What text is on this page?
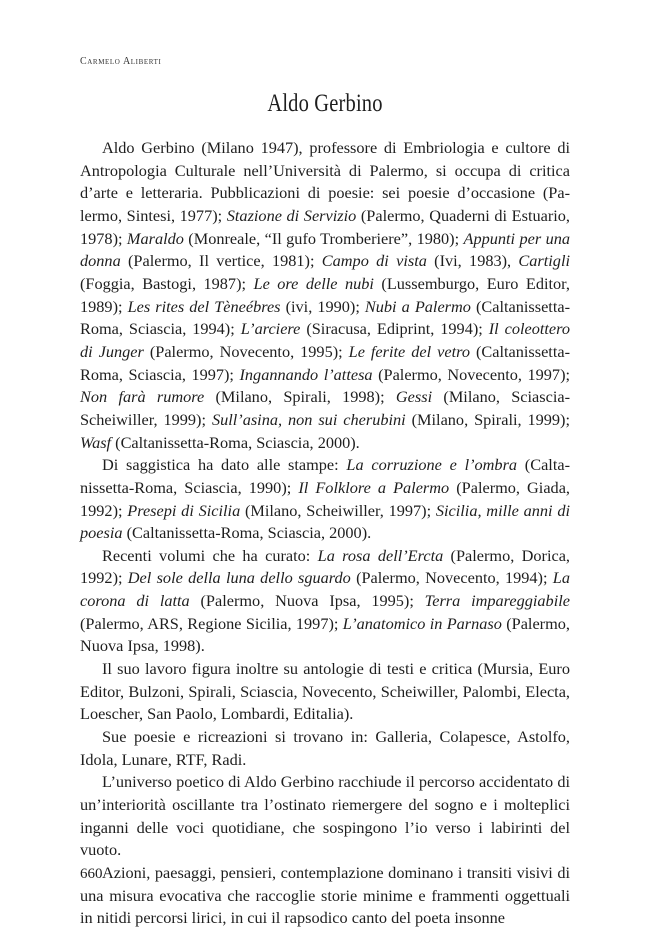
Carmelo Aliberti
Aldo Gerbino

Aldo Gerbino (Milano 1947), professore di Embriologia e cultore di Antropologia Culturale nell’Università di Palermo, si occupa di critica d’arte e letteraria. Pubblicazioni di poesie: sei poesie d’occasione (Palermo, Sintesi, 1977); Stazione di Servizio (Palermo, Quaderni di Estuario, 1978); Maraldo (Monreale, “Il gufo Tromberiere”, 1980); Appunti per una donna (Palermo, Il vertice, 1981); Campo di vista (Ivi, 1983), Cartigli (Foggia, Bastogi, 1987); Le ore delle nubi (Lussemburgo, Euro Editor, 1989); Les rites del Tèneébres (ivi, 1990); Nubi a Palermo (Caltanissetta-Roma, Sciascia, 1994); L’arciere (Siracusa, Ediprint, 1994); Il coleottero di Junger (Palermo, Novecento, 1995); Le ferite del vetro (Caltanissetta-Roma, Sciascia, 1997); Ingannando l’attesa (Palermo, Novecento, 1997); Non farà rumore (Milano, Spirali, 1998); Gessi (Milano, Sciascia-Scheiwiller, 1999); Sull’asina, non sui cherubini (Milano, Spirali, 1999); Wasf (Caltanissetta-Roma, Sciascia, 2000).

Di saggistica ha dato alle stampe: La corruzione e l’ombra (Caltanissetta-Roma, Sciascia, 1990); Il Folklore a Palermo (Palermo, Giada, 1992); Presepi di Sicilia (Milano, Scheiwiller, 1997); Sicilia, mille anni di poesia (Caltanissetta-Roma, Sciascia, 2000).

Recenti volumi che ha curato: La rosa dell’Ercta (Palermo, Dorica, 1992); Del sole della luna dello sguardo (Palermo, Novecento, 1994); La corona di latta (Palermo, Nuova Ipsa, 1995); Terra impareggiabile (Palermo, ARS, Regione Sicilia, 1997); L’anatomico in Parnaso (Palermo, Nuova Ipsa, 1998).

Il suo lavoro figura inoltre su antologie di testi e critica (Mursia, Euro Editor, Bulzoni, Spirali, Sciascia, Novecento, Scheiwiller, Palombi, Electa, Loescher, San Paolo, Lombardi, Editalia).

Sue poesie e ricreazioni si trovano in: Galleria, Colapesce, Astolfo, Idola, Lunare, RTF, Radi.

L’universo poetico di Aldo Gerbino racchiude il percorso accidentato di un’interiorità oscillante tra l’ostinato riemergere del sogno e i molteplici inganni delle voci quotidiane, che sospingono l’io verso i labirinti del vuoto.

Azioni, paesaggi, pensieri, contemplazione dominano i transiti visivi di una misura evocativa che raccoglie storie minime e frammenti oggettuali in nitidi percorsi lirici, in cui il rapsodico canto del poeta insonne

660
